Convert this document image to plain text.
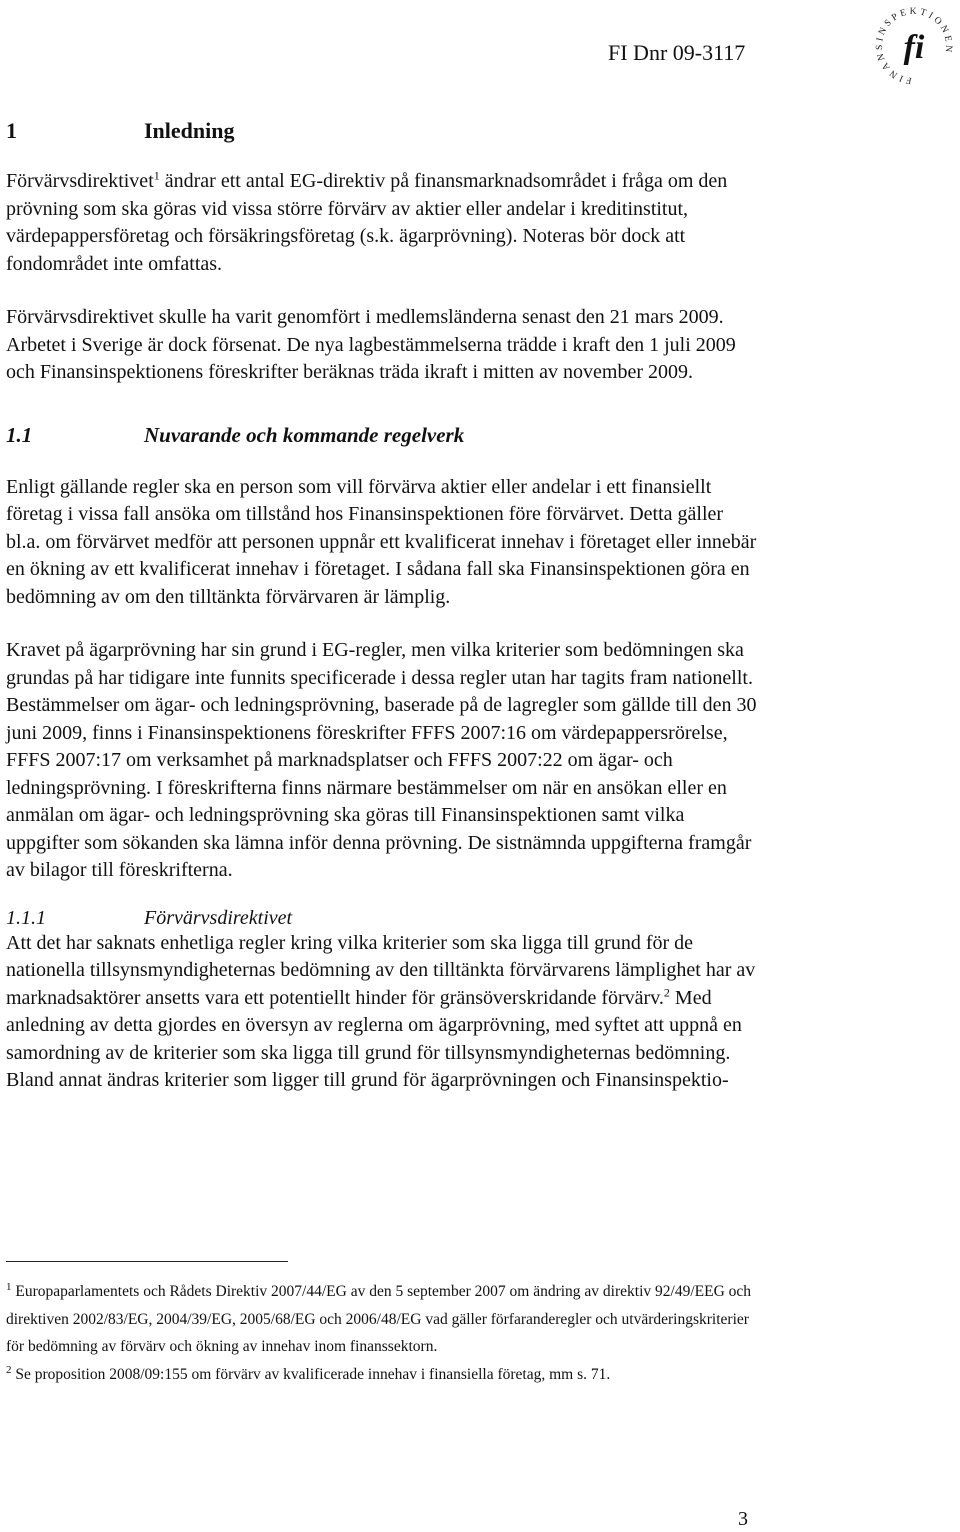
FI Dnr 09-3117
FINANSINSPEKTIONEN
fi
1	Inledning

Förvärvsdirektivet$^1$ ändrar ett antal EG-direktiv på finansmarknadsområdet i fråga om den prövning som ska göras vid vissa större förvärv av aktier eller andelar i kreditinstitut, värdepappersföretag och försäkringsföretag (s.k. ägarprövning). Noteras bör dock att fondområdet inte omfattas.

Förvärvsdirektivet skulle ha varit genomfört i medlemsländerna senast den 21 mars 2009. Arbetet i Sverige är dock försenat. De nya lagbestämmelserna trädde i kraft den 1 juli 2009 och Finansinspektionens föreskrifter beräknas träda ikraft i mitten av november 2009.

1.1	Nuvarande och kommande regelverk

Enligt gällande regler ska en person som vill förvärva aktier eller andelar i ett finansiellt företag i vissa fall ansöka om tillstånd hos Finansinspektionen före förvärvet. Detta gäller bl.a. om förvärvet medför att personen uppnår ett kvalificerat innehav i företaget eller innebär en ökning av ett kvalificerat innehav i företaget. I sådana fall ska Finansinspektionen göra en bedömning av om den tilltänkta förvärvaren är lämplig.

Kravet på ägarprövning har sin grund i EG-regler, men vilka kriterier som bedömningen ska grundas på har tidigare inte funnits specificerade i dessa regler utan har tagits fram nationellt. Bestämmelser om ägar- och ledningsprövning, baserade på de lagregler som gällde till den 30 juni 2009, finns i Finansinspektionens föreskrifter FFFS 2007:16 om värdepappersrörelse, FFFS 2007:17 om verksamhet på marknadsplatser och FFFS 2007:22 om ägar- och ledningsprövning. I föreskrifterna finns närmare bestämmelser om när en ansökan eller en anmälan om ägar- och ledningsprövning ska göras till Finansinspektionen samt vilka uppgifter som sökanden ska lämna inför denna prövning. De sistnämnda uppgifterna framgår av bilagor till föreskrifterna.

1.1.1	Förvärvsdirektivet

Att det har saknats enhetliga regler kring vilka kriterier som ska ligga till grund för de nationella tillsynsmyndigheternas bedömning av den tilltänkta förvärvarens lämplighet har av marknadsaktörer ansetts vara ett potentiellt hinder för gränsöverskridande förvärv.$^2$ Med anledning av detta gjordes en översyn av reglerna om ägarprövning, med syftet att uppnå en samordning av de kriterier som ska ligga till grund för tillsynsmyndigheternas bedömning. Bland annat ändras kriterier som ligger till grund för ägarprövningen och Finansinspektio-

$^1$ Europaparlamentets och Rådets Direktiv 2007/44/EG av den 5 september 2007 om ändring av direktiv 92/49/EEG och direktiven 2002/83/EG, 2004/39/EG, 2005/68/EG och 2006/48/EG vad gäller förfaranderegler och utvärderingskriterier för bedömning av förvärv och ökning av innehav inom finanssektorn.

$^2$ Se proposition 2008/09:155 om förvärv av kvalificerade innehav i finansiella företag, mm s. 71.

3
